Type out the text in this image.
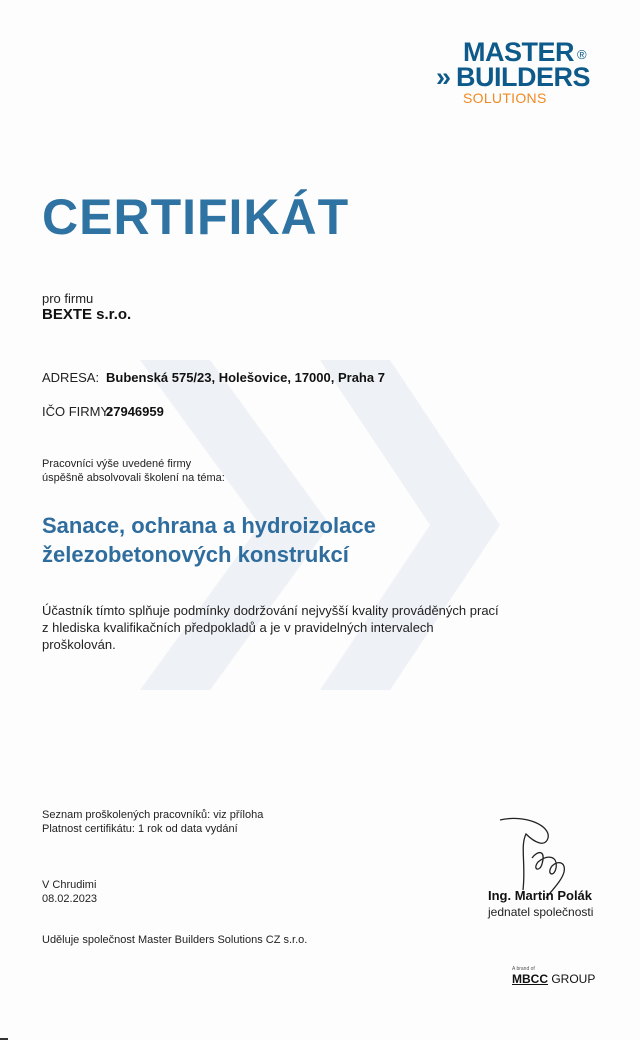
MASTER ®
» BUILDERS
SOLUTIONS
CERTIFIKÁT
pro firmu
BEXTE s.r.o.
ADRESA: Bubenská 575/23, Holešovice, 17000, Praha 7
IČO FIRMY:
27946959
Pracovníci výše uvedené firmy
úspěšně absolvovali školení na téma:
Sanace, ochrana a hydroizolace
železobetonových konstrukcí
Účastník tímto splňuje podmínky dodržování nejvyšší kvality prováděných prací
z hlediska kvalifikačních předpokladů a je v pravidelných intervalech
proškolován.
Seznam proškolených pracovníků: viz příloha
Platnost certifikátu: 1 rok od data vydání
V Chrudimi
08.02.2023
Uděluje společnost Master Builders Solutions CZ s.r.o.
Ing. Martin Polák
jednatel společnosti
A brand of
MBCC GROUP
